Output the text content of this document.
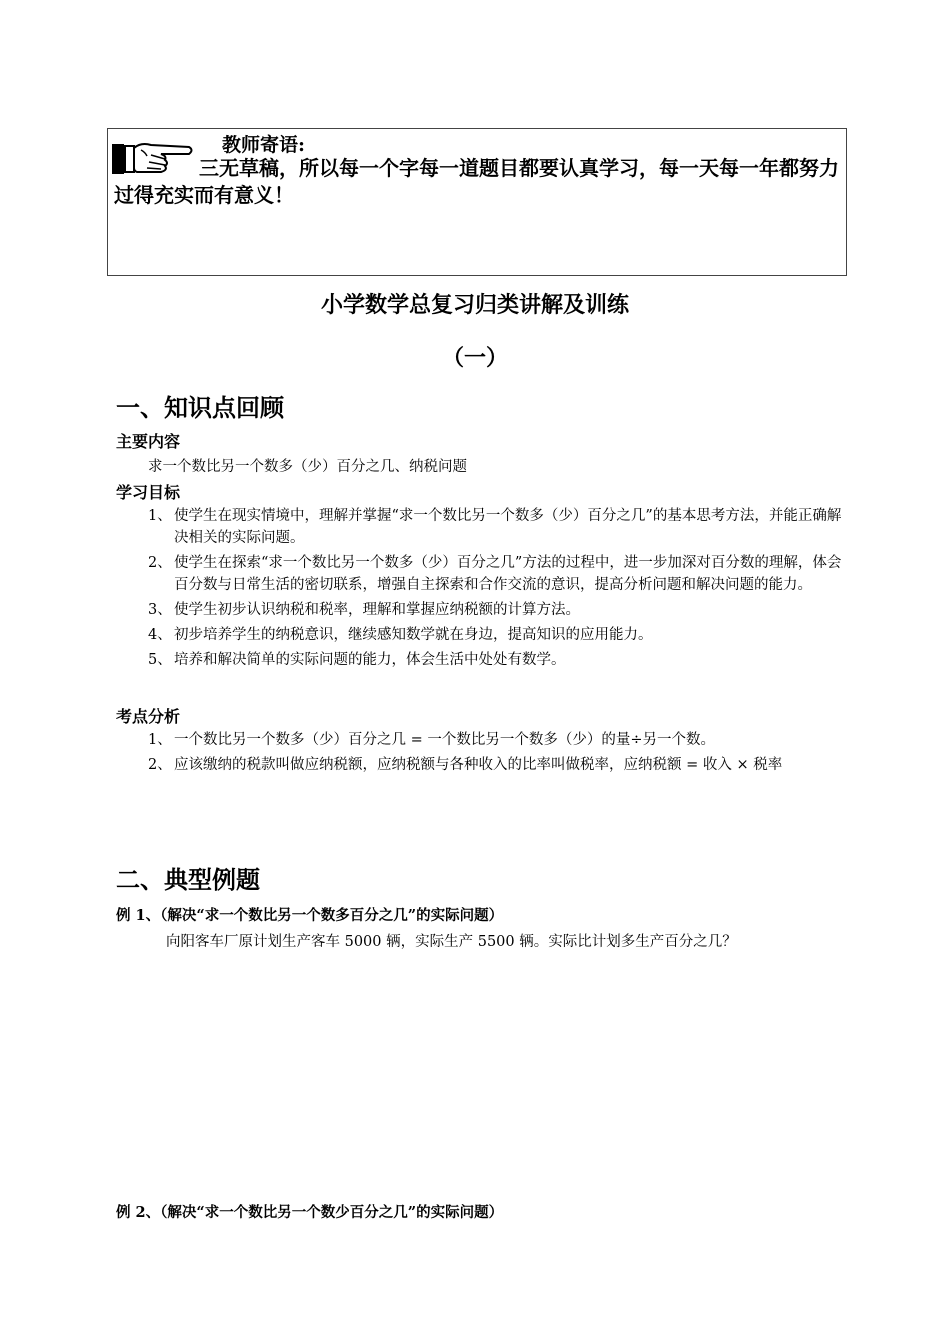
教师寄语:
三无草稿，所以每一个字每一道题目都要认真学习，每一天每一年都努力过得充实而有意义！
小学数学总复习归类讲解及训练
（一）
一、知识点回顾
主要内容
求一个数比另一个数多（少）百分之几、纳税问题
学习目标
1、 使学生在现实情境中，理解并掌握“求一个数比另一个数多（少）百分之几”的基本思考方法，并能正确解决相关的实际问题。
2、 使学生在探索“求一个数比另一个数多（少）百分之几”方法的过程中，进一步加深对百分数的理解，体会百分数与日常生活的密切联系，增强自主探索和合作交流的意识，提高分析问题和解决问题的能力。
3、 使学生初步认识纳税和税率，理解和掌握应纳税额的计算方法。
4、 初步培养学生的纳税意识，继续感知数学就在身边，提高知识的应用能力。
5、 培养和解决简单的实际问题的能力，体会生活中处处有数学。
考点分析
1、 一个数比另一个数多（少）百分之几 = 一个数比另一个数多（少）的量÷另一个数。
2、 应该缴纳的税款叫做应纳税额，应纳税额与各种收入的比率叫做税率，应纳税额 = 收入 × 税率
二、典型例题
例 1、（解决“求一个数比另一个数多百分之几”的实际问题）
向阳客车厂原计划生产客车 5000 辆，实际生产 5500 辆。实际比计划多生产百分之几？
例 2、（解决“求一个数比另一个数少百分之几”的实际问题）
